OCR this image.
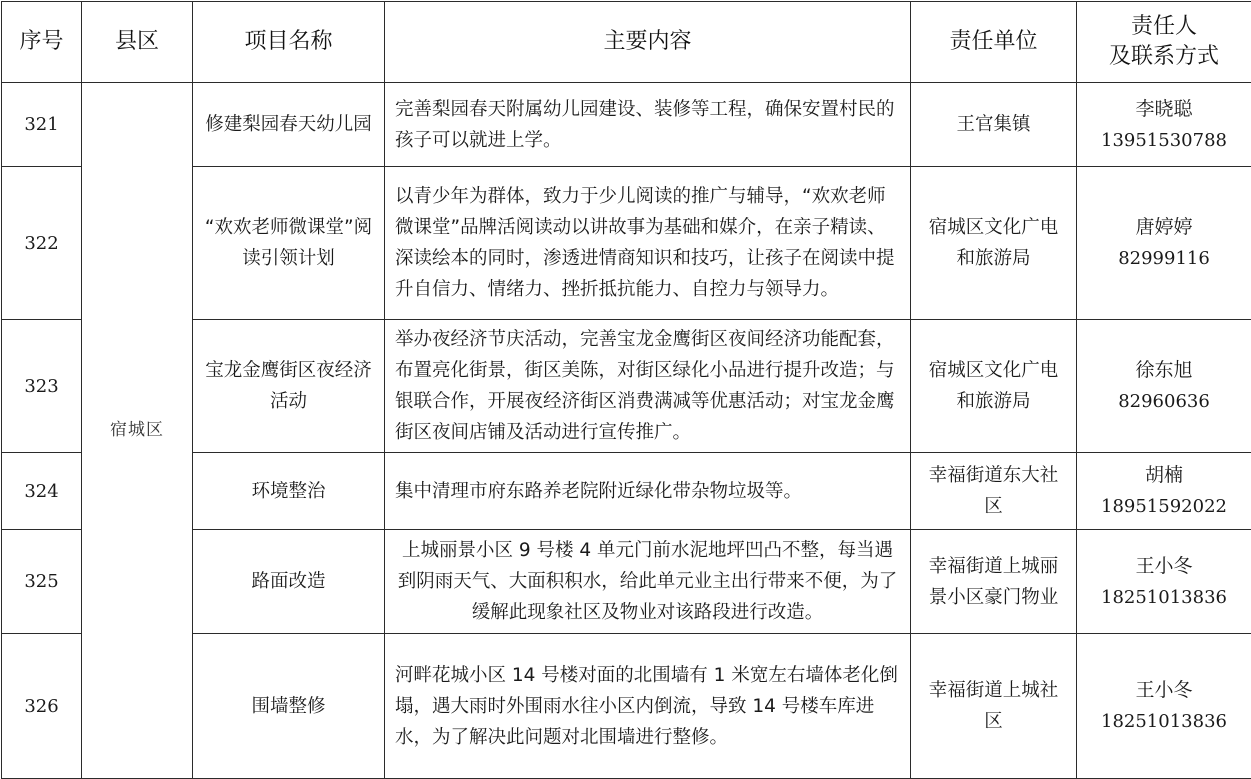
序号	县区	项目名称	主要内容	责任单位	责任人
及联系方式
321	宿城区	修建梨园春天幼儿园	完善梨园春天附属幼儿园建设、装修等工程，确保安置村民的孩子可以就进上学。	王官集镇	李晓聪
13951530788

322		“欢欢老师微课堂”阅读引领计划	以青少年为群体，致力于少儿阅读的推广与辅导，“欢欢老师微课堂”品牌活阅读动以讲故事为基础和媒介，在亲子精读、深读绘本的同时，渗透进情商知识和技巧，让孩子在阅读中提升自信力、情绪力、挫折抵抗能力、自控力与领导力。	宿城区文化广电和旅游局	唐婷婷
82999116

323		宝龙金鹰街区夜经济活动	举办夜经济节庆活动，完善宝龙金鹰街区夜间经济功能配套，布置亮化街景，街区美陈，对街区绿化小品进行提升改造；与银联合作，开展夜经济街区消费满减等优惠活动；对宝龙金鹰街区夜间店铺及活动进行宣传推广。	宿城区文化广电和旅游局	徐东旭
82960636

324		环境整治	集中清理市府东路养老院附近绿化带杂物垃圾等。	幸福街道东大社区	胡楠
18951592022

325		路面改造	上城丽景小区 9 号楼 4 单元门前水泥地坪凹凸不整，每当遇到阴雨天气、大面积积水，给此单元业主出行带来不便，为了缓解此现象社区及物业对该路段进行改造。	幸福街道上城丽景小区豪门物业	王小冬
18251013836

326		围墙整修	河畔花城小区 14 号楼对面的北围墙有 1 米宽左右墙体老化倒塌，遇大雨时外围雨水往小区内倒流，导致 14 号楼车库进水，为了解决此问题对北围墙进行整修。	幸福街道上城社区	王小冬
18251013836
